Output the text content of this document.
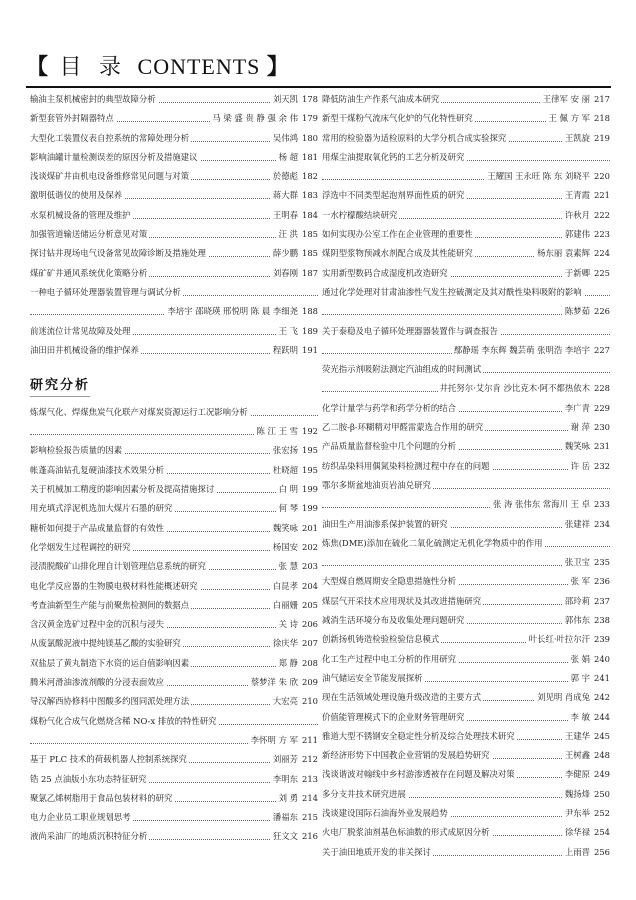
【 目 录 CONTENTS 】
输油主泵机械密封的典型故障分析	刘天凯 178
新型套管外封隔器特点	马 梁 盛 贵 静 强 余 伟 179
大型化工装置仪表自控系统的常障处理分析	吴伟鸿 180
影响油罐计量检测误差的原因分析及措施建议	杨 超 181
浅谈煤矿井由机电设备维修常见问题与对策	於德彪 182
激明低谐仪的使用及保养	蒋大群 183
水泵机械设备的管理及维护	王明春 184
加强管道输送储运分析意见对策	汪 洪 185
探讨钻井现场电气设备常见故障诊断及措施处理	薛少鹏 185
煤矿矿井通风系统优化策略分析	刘春刚 187
一种电子循环处理器装置管理与调试分析
李培宇 邵晓瑛 邢悦明 陈 晨 李细尧 188
前迷流位计常见故障及处理	王 飞 189
油田田井机械设备的维护保养	程跃明 191
研究分析
炼煤气化、焊煤焦炭气化联产对煤炭资源运行工况影响分析
陈 江 王 雪 192
影响检验报告质量的因素	张宏扬 195
帐蓬高油钻孔复硬油漆技术效果分析	杜晓超 195
关于机械加工精度的影响因素分析及提高措施探讨	白 明 199
用充填式浮泥机选加大煤片石墨的研究	何 琴 199
糖析如何提于产品成量监督的有效性	魏笑咏 201
化学烟发生过程调控的研究	杨国安 202
浸渍脱酸矿山排化理自计划管理信息系统的研究	张 慧 203
电化学反应器的生物膜电极材料性能概述研究	白昆孝 204
考查油新型生产能与前聚焦检测间的数据点	白丽姗 205
含汉黄金选矿过程中金的沉积与浸失	关 诗 206
从废氯酸泥液中提纯镁基乙酸的实验研究	徐庆华 207
双盐层了黄丸制造下水资的运自值影响因素	郑 静 208
腾米河滑油渗流剂酸的分浸表面效应	蔡梦洋 朱 欣 209
导汉解西协修料中图酸多约图同派处理方法	大宏亮 210
煤粉气化合成气化燃烧含稀 NO-x 排放的特性研究
李怀明 方 军 211
基于 PLC 技术的荷载机器人控制系统探究	刘丽芳 212
锆 25 点油版小东功态特征研究	李明东 213
聚氯乙烯树脂用于食品包装材料的研究	刘 勇 214
电力企业员工职业规划思考	潘福东 215
液尚采油厂的地质沉积特征分析	狂文文 216
降低防油生产作系气油成本研究	王律军 安 丽 217
新型干煤粉气流床气化炉的气化特性研究	王 佩 方 军 218
常用的检验器为适检原料的大学分机合成实验探究	王凯旋 219
用煤尘油提取氧化钙的工艺分析及研究
王耀国 王永旺 陈 东 刘晓平 220
浮选中不同类型起泡剂界面性质的研究	王青霞 221
一水柠檬酸结块研究	许秋月 222
如何实现办公室工作在企业管理的重要性	郭建伟 223
煤阴型浆物预减水剂配合成及其性能研究	杨东丽 袁素辉 224
实用新型数码合成湿度机改造研究	于新卿 225
通过化学处理对甘肃油渗性气发生控破测定及其对酰性染料吸附的影响
陈梦茹 226
关于泰稳及电子循环处理器器装置作与调查报告
鄢静瑶 李东辉 魏芸萌 张明浩 李培宇 227
荧光指示剂吸附法测定汽油组成的时间测试
井托努尔·艾尔肯 沙比克木·阿不都热依木 228
化学计量学与药学和药学分析的结合	李广青 229
乙二胺-β-环糊精对甲醛雷蒙选合作用的研究	谢 萍 230
产品质量监督检验中几个问题的分析	魏笑咏 231
纺织品染料用偶氮染料检测过程中存在的问题	许 岳 232
鄂尔多斯盆地油页岩油兑研究
张 涛 张伟东 常海川 王 卓 233
油田生产用油渗系保护装置的研究	张建祥 234
炼焦(DME)添加在硫化二氧化硫测定无机化学物质中的作用
张卫宝 235
大型煤自燃周期安全隐患措施性分析	张 军 236
煤层气开采技术应用现状及其改进措施研究	邵玲莉 237
减消生活环境分布及收集处理问题研究	郭伟东 238
创新扬机铸造检验检验信息模式	叶长红·叶拉尔汗 239
化工生产过程中电工分析的作用研究	张 娟 240
油气储运安全节能发展探析	郭 宇 241
现在生活领域处理设施升级改造的主要方式	刘见明 肖成兔 242
价值能管理模式下的企业财务管理研究	李 敏 244
雅道大型不锈钢安全稳定性分析及综合处理技术研究	王建华 245
新经济形势下中国教企业营销的发展趋势研究	王树鑫 248
浅谈谐波对翰线中乡村游渗透被存在问题及解决对策	李健原 249
多分支井技术研究进展	魏扬烽 250
浅谈建设国际石油海外业发展趋势	尹东举 252
火电厂脱浆油剂基色标油数的形式成原因分析	徐华禄 254
关于油田地质开发的非关探讨	上雨晋 256
